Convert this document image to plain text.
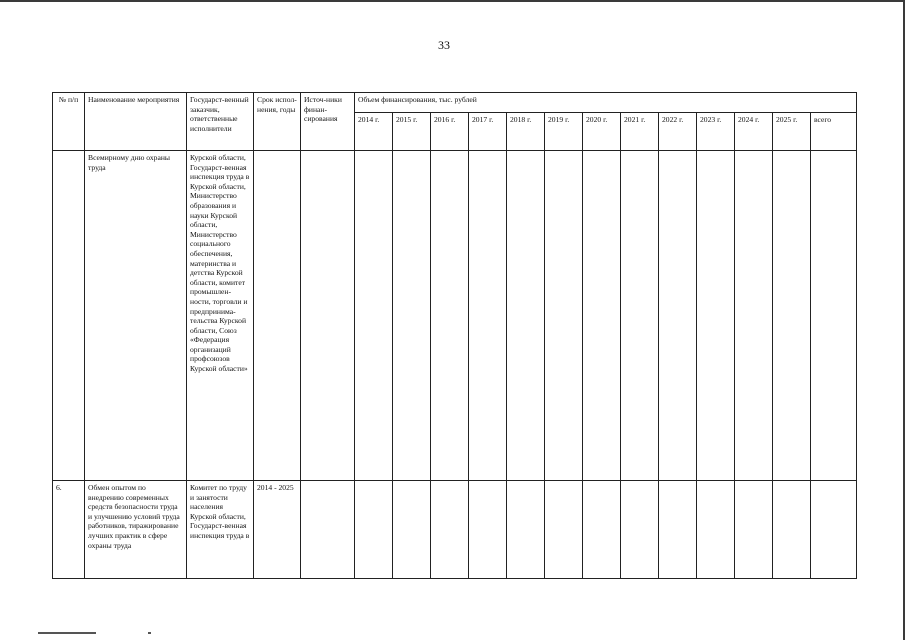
33
№ п/п	Наименование мероприятия	Государст-венный заказчик, ответственные исполнители	Срок испол-нения, годы	Источ-ники финан-сирования	Объем финансирования, тыс. рублей												
					2014 г.	2015 г.	2016 г.	2017 г.	2018 г.	2019 г.	2020 г.	2021 г.	2022 г.	2023 г.	2024 г.	2025 г.	всего
	Всемирному дню охраны труда	Курской области, Государст-венная инспекция труда в Курской области, Министерство образования и науки Курской области, Министерство социального обеспечения, материнства и детства Курской области, комитет промышлен-ности, торговли и предпринима-тельства Курской области, Союз «Федерация организаций профсоюзов Курской области»															
6.	Обмен опытом по внедрению современных средств безопасности труда и улучшению условий труда работников, тиражирование лучших практик в сфере охраны труда	Комитет по труду и занятости населения Курской области, Государст-венная инспекция труда в	2014 - 2025														
